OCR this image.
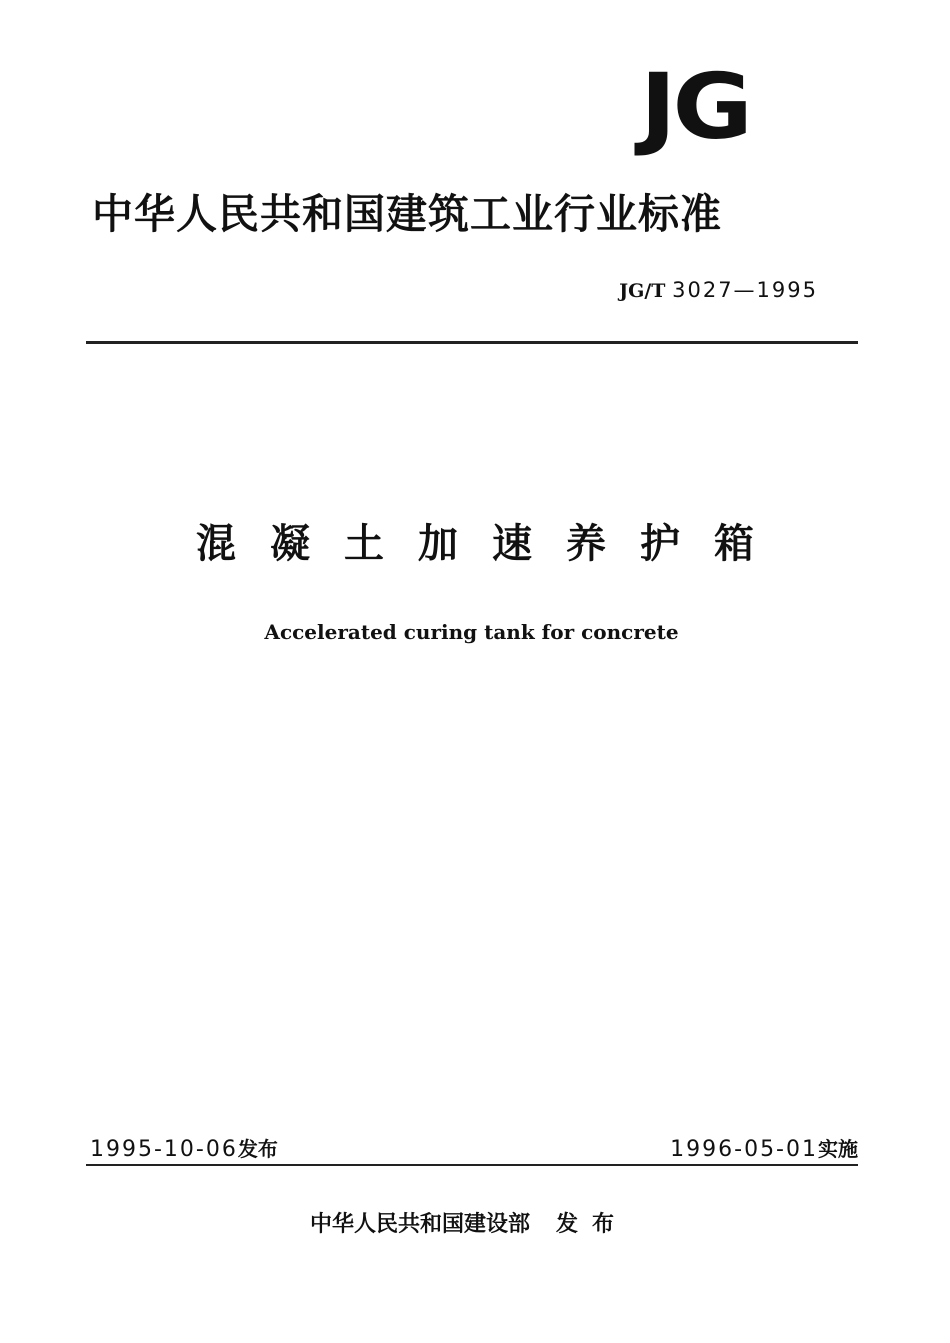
JG
中华人民共和国建筑工业行业标准
JG/T 3027—1995
混凝土加速养护箱
Accelerated curing tank for concrete
1995-10-06发布	1996-05-01实施
中华人民共和国建设部 发布
